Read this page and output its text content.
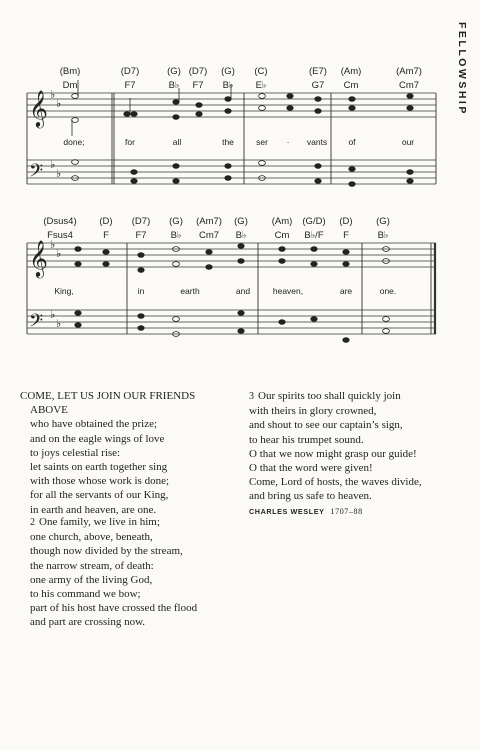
FELLOWSHIP
(Bm)	(D7)	(G) (D7) (G) (C)	(E7) (Am)	(Am7)
Dm	F7	B♭ F7 B♭ E♭	G7 Cm	Cm7
done;	for	all	the	ser · vants	of	our
(Dsus4) (D) (D7) (G) (Am7) (G)	(Am) (G/D) (D) (G)
Fsus4	F	F7	B♭ Cm7 B♭	Cm B♭/F F	B♭
King,	in	earth	and	heaven,	are	one.
𝄞
𝄢
𝄞
𝄢
♭
♭
♭
♭
♭
♭
♭
♭
COME, LET US JOIN OUR FRIENDS
ABOVE
who have obtained the prize;
and on the eagle wings of love
to joys celestial rise:
let saints on earth together sing
with those whose work is done;
for all the servants of our King,
in earth and heaven, are one.
2 One family, we live in him;
one church, above, beneath,
though now divided by the stream,
the narrow stream, of death:
one army of the living God,
to his command we bow;
part of his host have crossed the flood
and part are crossing now.
3 Our spirits too shall quickly join
with theirs in glory crowned,
and shout to see our captain’s sign,
to hear his trumpet sound.
O that we now might grasp our guide!
O that the word were given!
Come, Lord of hosts, the waves divide,
and bring us safe to heaven.
CHARLES WESLEY 1707–88
